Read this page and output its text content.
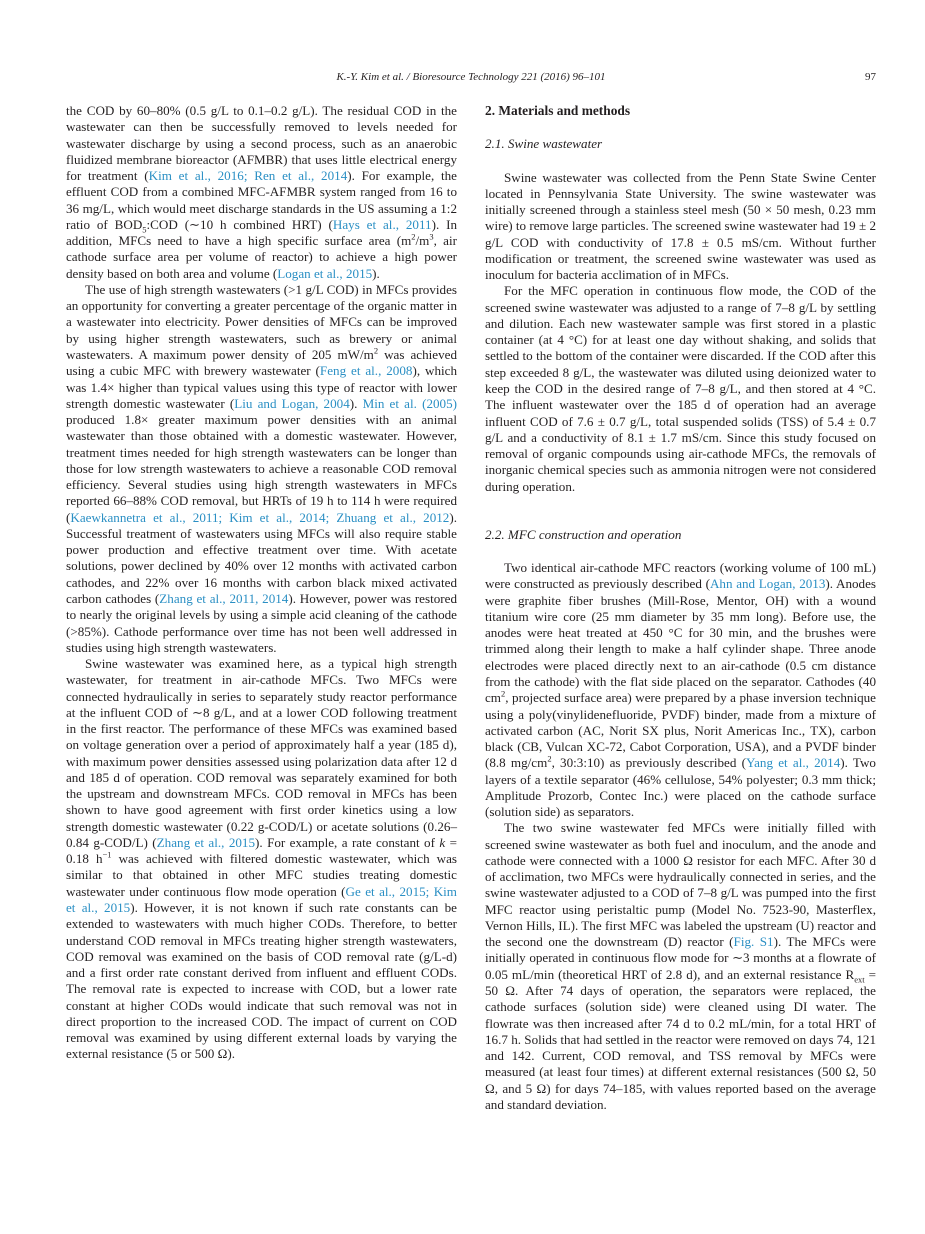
K.-Y. Kim et al. / Bioresource Technology 221 (2016) 96–101	97

the COD by 60–80% (0.5 g/L to 0.1–0.2 g/L). The residual COD in the wastewater can then be successfully removed to levels needed for wastewater discharge by using a second process, such as an anaerobic fluidized membrane bioreactor (AFMBR) that uses little electrical energy for treatment (Kim et al., 2016; Ren et al., 2014). For example, the effluent COD from a combined MFC-AFMBR system ranged from 16 to 36 mg/L, which would meet discharge standards in the US assuming a 1:2 ratio of $BOD_5:COD$ (∼10 h combined HRT) (Hays et al., 2011). In addition, MFCs need to have a high specific surface area ($m^2/m^3$, air cathode surface area per volume of reactor) to achieve a high power density based on both area and volume (Logan et al., 2015).

The use of high strength wastewaters (>1 g/L COD) in MFCs provides an opportunity for converting a greater percentage of the organic matter in a wastewater into electricity. Power densities of MFCs can be improved by using higher strength wastewaters, such as brewery or animal wastewaters. A maximum power density of 205 $mW/m^2$ was achieved using a cubic MFC with brewery wastewater (Feng et al., 2008), which was 1.4× higher than typical values using this type of reactor with lower strength domestic wastewater (Liu and Logan, 2004). Min et al. (2005) produced 1.8× greater maximum power densities with an animal wastewater than those obtained with a domestic wastewater. However, treatment times needed for high strength wastewaters can be longer than those for low strength wastewaters to achieve a reasonable COD removal efficiency. Several studies using high strength wastewaters in MFCs reported 66–88% COD removal, but HRTs of 19 h to 114 h were required (Kaewkannetra et al., 2011; Kim et al., 2014; Zhuang et al., 2012). Successful treatment of wastewaters using MFCs will also require stable power production and effective treatment over time. With acetate solutions, power declined by 40% over 12 months with activated carbon cathodes, and 22% over 16 months with carbon black mixed activated carbon cathodes (Zhang et al., 2011, 2014). However, power was restored to nearly the original levels by using a simple acid cleaning of the cathode (>85%). Cathode performance over time has not been well addressed in studies using high strength wastewaters.

Swine wastewater was examined here, as a typical high strength wastewater, for treatment in air-cathode MFCs. Two MFCs were connected hydraulically in series to separately study reactor performance at the influent COD of ∼8 g/L, and at a lower COD following treatment in the first reactor. The performance of these MFCs was examined based on voltage generation over a period of approximately half a year (185 d), with maximum power densities assessed using polarization data after 12 d and 185 d of operation. COD removal was separately examined for both the upstream and downstream MFCs. COD removal in MFCs has been shown to have good agreement with first order kinetics using a low strength domestic wastewater (0.22 g-COD/L) or acetate solutions (0.26–0.84 g-COD/L) (Zhang et al., 2015). For example, a rate constant of k = 0.18 $h^{-1}$ was achieved with filtered domestic wastewater, which was similar to that obtained in other MFC studies treating domestic wastewater under continuous flow mode operation (Ge et al., 2015; Kim et al., 2015). However, it is not known if such rate constants can be extended to wastewaters with much higher CODs. Therefore, to better understand COD removal in MFCs treating higher strength wastewaters, COD removal was examined on the basis of COD removal rate (g/L-d) and a first order rate constant derived from influent and effluent CODs. The removal rate is expected to increase with COD, but a lower rate constant at higher CODs would indicate that such removal was not in direct proportion to the increased COD. The impact of current on COD removal was examined by using different external loads by varying the external resistance (5 or 500 Ω).

2. Materials and methods
2.1. Swine wastewater

Swine wastewater was collected from the Penn State Swine Center located in Pennsylvania State University. The swine wastewater was initially screened through a stainless steel mesh (50 × 50 mesh, 0.23 mm wire) to remove large particles. The screened swine wastewater had 19 ± 2 g/L COD with conductivity of 17.8 ± 0.5 mS/cm. Without further modification or treatment, the screened swine wastewater was used as inoculum for bacteria acclimation of in MFCs.

For the MFC operation in continuous flow mode, the COD of the screened swine wastewater was adjusted to a range of 7–8 g/L by settling and dilution. Each new wastewater sample was first stored in a plastic container (at 4 °C) for at least one day without shaking, and solids that settled to the bottom of the container were discarded. If the COD after this step exceeded 8 g/L, the wastewater was diluted using deionized water to keep the COD in the desired range of 7–8 g/L, and then stored at 4 °C. The influent wastewater over the 185 d of operation had an average influent COD of 7.6 ± 0.7 g/L, total suspended solids (TSS) of 5.4 ± 0.7 g/L and a conductivity of 8.1 ± 1.7 mS/cm. Since this study focused on removal of organic compounds using air-cathode MFCs, the removals of inorganic chemical species such as ammonia nitrogen were not considered during operation.

2.2. MFC construction and operation

Two identical air-cathode MFC reactors (working volume of 100 mL) were constructed as previously described (Ahn and Logan, 2013). Anodes were graphite fiber brushes (Mill-Rose, Mentor, OH) with a wound titanium wire core (25 mm diameter by 35 mm long). Before use, the anodes were heat treated at 450 °C for 30 min, and the brushes were trimmed along their length to make a half cylinder shape. Three anode electrodes were placed directly next to an air-cathode (0.5 cm distance from the cathode) with the flat side placed on the separator. Cathodes (40 $cm^2$, projected surface area) were prepared by a phase inversion technique using a poly(vinylidenefluoride, PVDF) binder, made from a mixture of activated carbon (AC, Norit SX plus, Norit Americas Inc., TX), carbon black (CB, Vulcan XC-72, Cabot Corporation, USA), and a PVDF binder (8.8 $mg/cm^2$, 30:3:10) as previously described (Yang et al., 2014). Two layers of a textile separator (46% cellulose, 54% polyester; 0.3 mm thick; Amplitude Prozorb, Contec Inc.) were placed on the cathode surface (solution side) as separators.

The two swine wastewater fed MFCs were initially filled with screened swine wastewater as both fuel and inoculum, and the anode and cathode were connected with a 1000 Ω resistor for each MFC. After 30 d of acclimation, two MFCs were hydraulically connected in series, and the swine wastewater adjusted to a COD of 7–8 g/L was pumped into the first MFC reactor using peristaltic pump (Model No. 7523-90, Masterflex, Vernon Hills, IL). The first MFC was labeled the upstream (U) reactor and the second one the downstream (D) reactor (Fig. S1). The MFCs were initially operated in continuous flow mode for ∼3 months at a flowrate of 0.05 mL/min (theoretical HRT of 2.8 d), and an external resistance $R_{ext} = 50$ Ω. After 74 days of operation, the separators were replaced, the cathode surfaces (solution side) were cleaned using DI water. The flowrate was then increased after 74 d to 0.2 mL/min, for a total HRT of 16.7 h. Solids that had settled in the reactor were removed on days 74, 121 and 142. Current, COD removal, and TSS removal by MFCs were measured (at least four times) at different external resistances (500 Ω, 50 Ω, and 5 Ω) for days 74–185, with values reported based on the average and standard deviation.
